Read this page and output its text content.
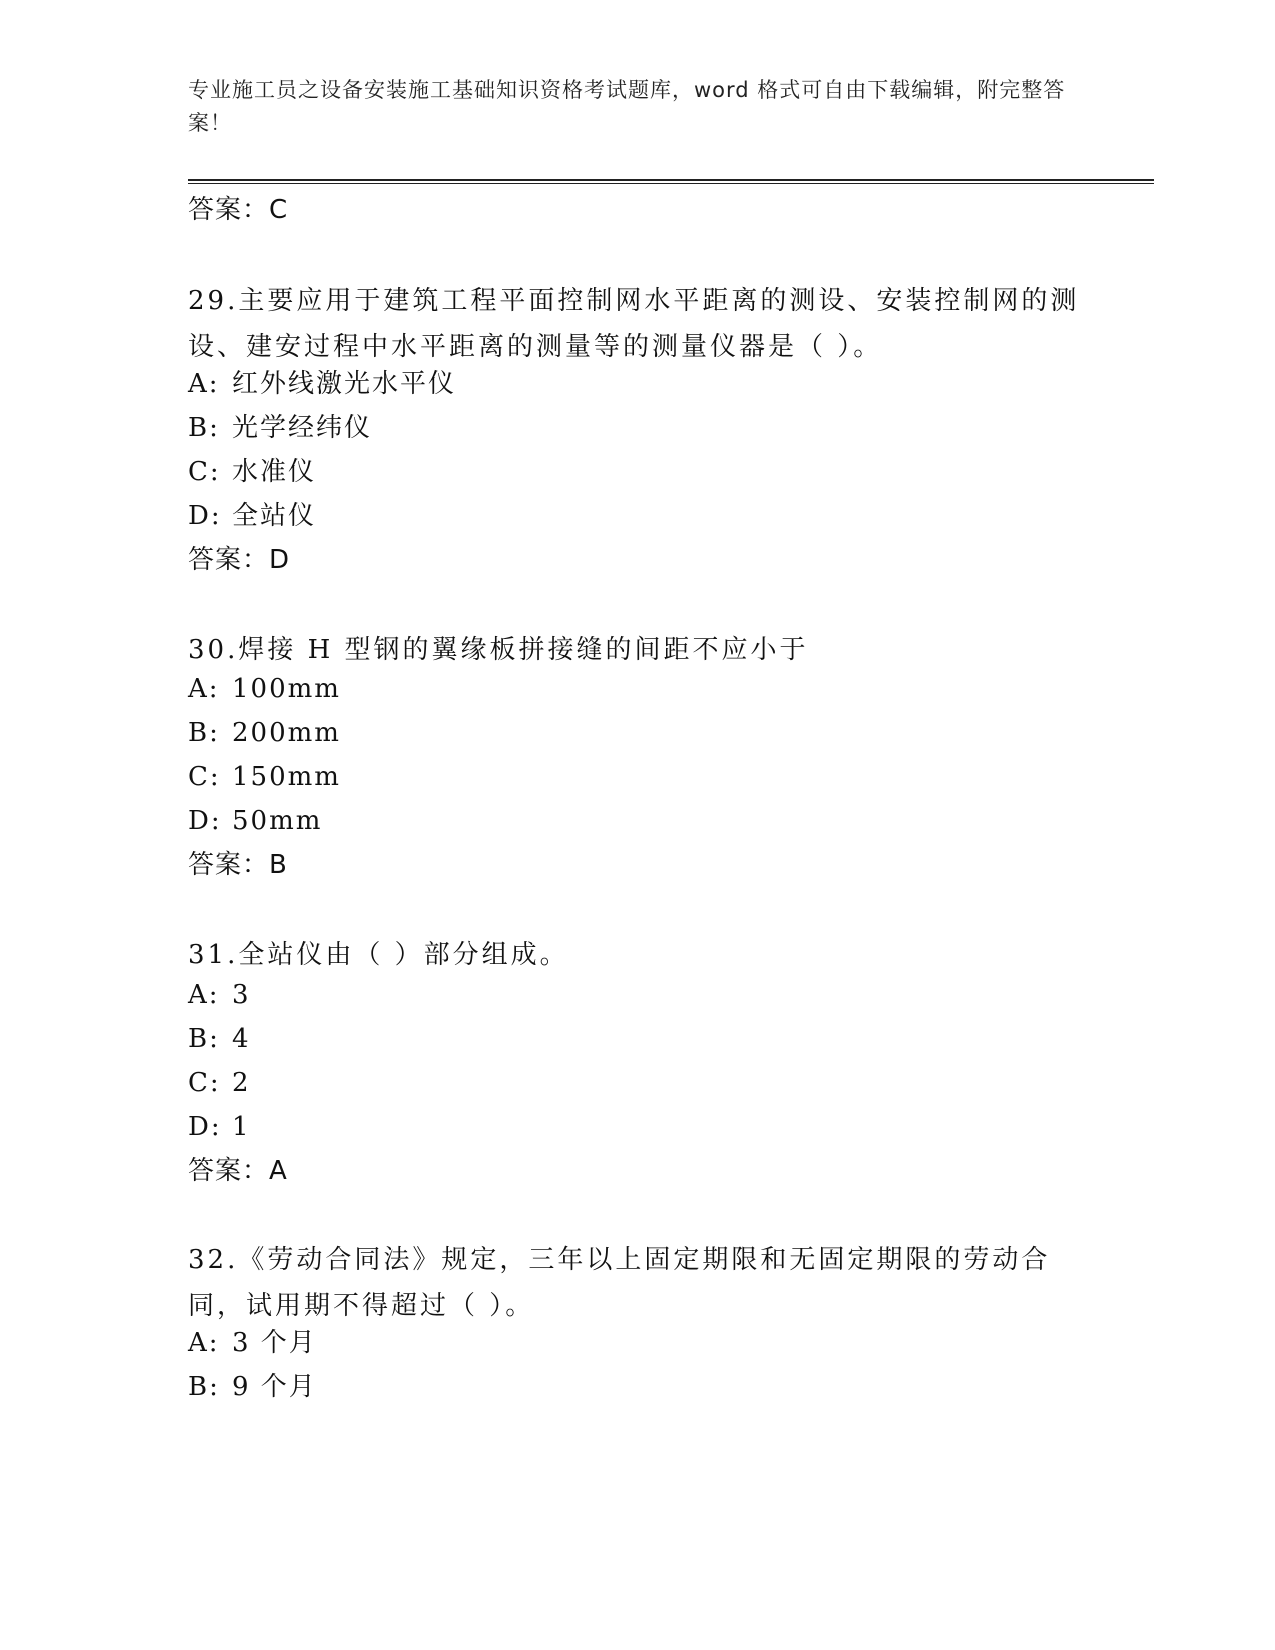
专业施工员之设备安装施工基础知识资格考试题库，word 格式可自由下载编辑，附完整答案！
答案：C
29.主要应用于建筑工程平面控制网水平距离的测设、安装控制网的测设、建安过程中水平距离的测量等的测量仪器是（ ）。
A: 红外线激光水平仪
B: 光学经纬仪
C: 水准仪
D: 全站仪
答案：D
30.焊接 H 型钢的翼缘板拼接缝的间距不应小于
A: 100mm
B: 200mm
C: 150mm
D: 50mm
答案：B
31.全站仪由（ ）部分组成。
A: 3
B: 4
C: 2
D: 1
答案：A
32.《劳动合同法》规定，三年以上固定期限和无固定期限的劳动合同，试用期不得超过（ ）。
A: 3 个月
B: 9 个月
